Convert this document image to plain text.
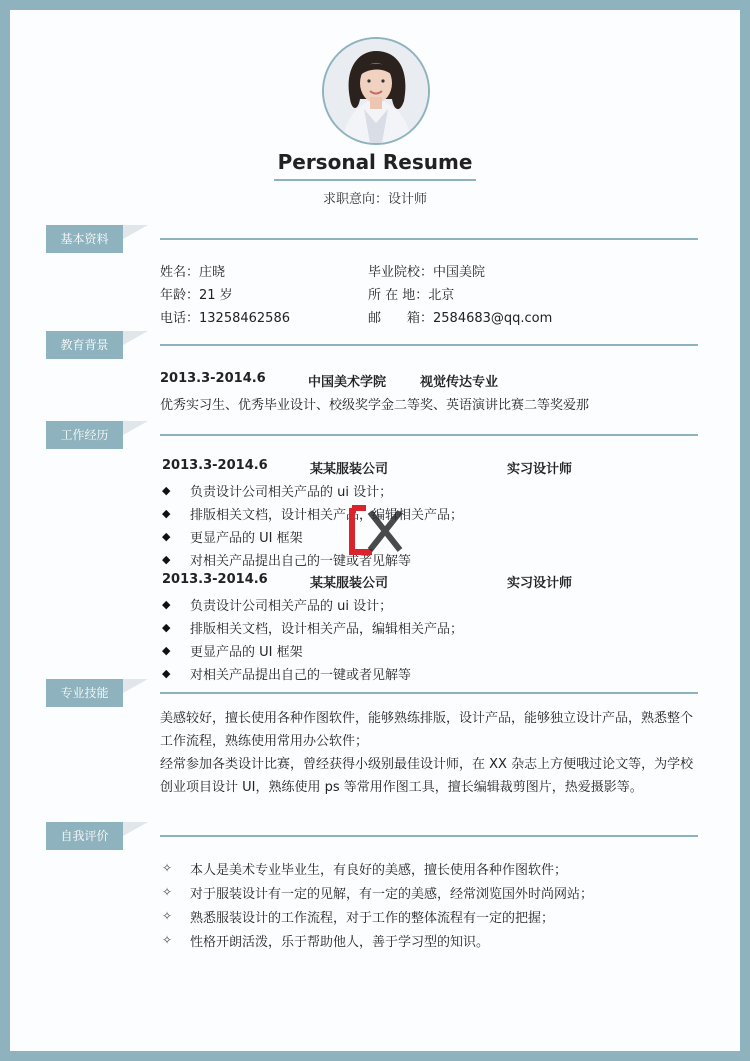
Personal Resume
求职意向：设计师
基本资料
姓名：庄晓	毕业院校：中国美院
年龄：21 岁	所 在 地：北京
电话：13258462586	邮　　箱：2584683@qq.com
教育背景
2013.3-2014.6	中国美术学院	视觉传达专业
优秀实习生、优秀毕业设计、校级奖学金二等奖、英语演讲比赛二等奖爱那
工作经历
2013.3-2014.6	某某服装公司	实习设计师
◆ 负责设计公司相关产品的 ui 设计；
◆ 排版相关文档，设计相关产品，编辑相关产品；
◆ 更显产品的 UI 框架
◆ 对相关产品提出自己的一键或者见解等
2013.3-2014.6	某某服装公司	实习设计师
◆ 负责设计公司相关产品的 ui 设计；
◆ 排版相关文档，设计相关产品，编辑相关产品；
◆ 更显产品的 UI 框架
◆ 对相关产品提出自己的一键或者见解等
专业技能
美感较好，擅长使用各种作图软件，能够熟练排版，设计产品，能够独立设计产品，熟悉整个工作流程，熟练使用常用办公软件；
经常参加各类设计比赛，曾经获得小级别最佳设计师，在 XX 杂志上方便哦过论文等，为学校创业项目设计 UI，熟练使用 ps 等常用作图工具，擅长编辑裁剪图片，热爱摄影等。
自我评价
✧ 本人是美术专业毕业生，有良好的美感，擅长使用各种作图软件；
✧ 对于服装设计有一定的见解，有一定的美感，经常浏览国外时尚网站；
✧ 熟悉服装设计的工作流程，对于工作的整体流程有一定的把握；
✧ 性格开朗活泼，乐于帮助他人，善于学习型的知识。
